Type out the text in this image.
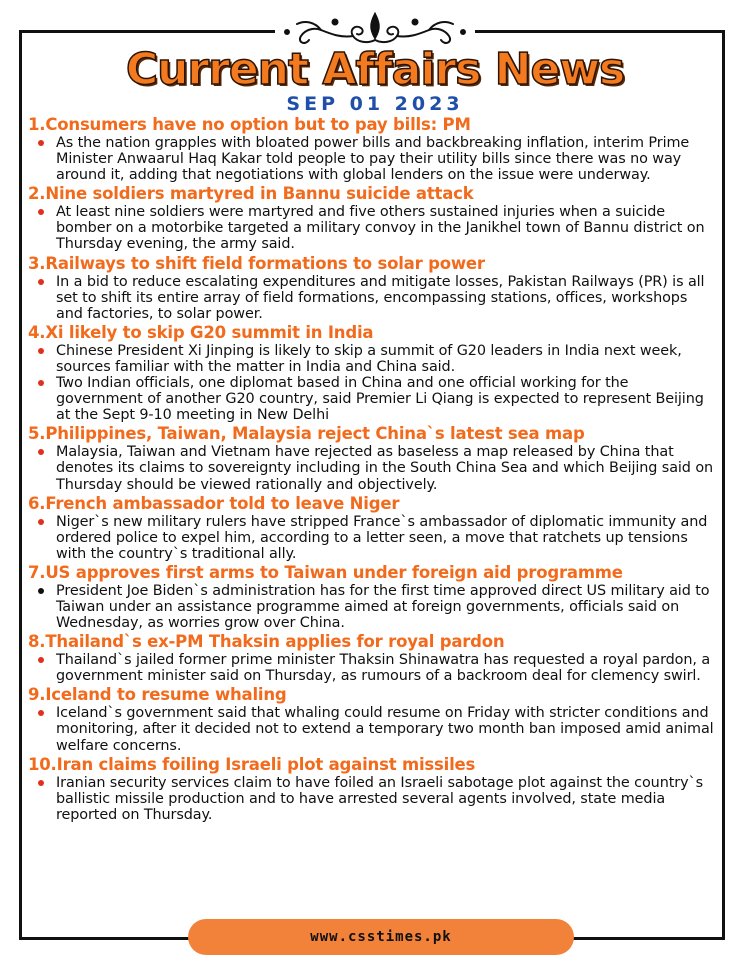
Current Affairs News
SEP 01 2023
1.Consumers have no option but to pay bills: PM
As the nation grapples with bloated power bills and backbreaking inflation, interim Prime Minister Anwaarul Haq Kakar told people to pay their utility bills since there was no way around it, adding that negotiations with global lenders on the issue were underway.
2.Nine soldiers martyred in Bannu suicide attack
At least nine soldiers were martyred and five others sustained injuries when a suicide bomber on a motorbike targeted a military convoy in the Janikhel town of Bannu district on Thursday evening, the army said.
3.Railways to shift field formations to solar power
In a bid to reduce escalating expenditures and mitigate losses, Pakistan Railways (PR) is all set to shift its entire array of field formations, encompassing stations, offices, workshops and factories, to solar power.
4.Xi likely to skip G20 summit in India
Chinese President Xi Jinping is likely to skip a summit of G20 leaders in India next week, sources familiar with the matter in India and China said.
Two Indian officials, one diplomat based in China and one official working for the government of another G20 country, said Premier Li Qiang is expected to represent Beijing at the Sept 9-10 meeting in New Delhi
5.Philippines, Taiwan, Malaysia reject China`s latest sea map
Malaysia, Taiwan and Vietnam have rejected as baseless a map released by China that denotes its claims to sovereignty including in the South China Sea and which Beijing said on Thursday should be viewed rationally and objectively.
6.French ambassador told to leave Niger
Niger`s new military rulers have stripped France`s ambassador of diplomatic immunity and ordered police to expel him, according to a letter seen, a move that ratchets up tensions with the country`s traditional ally.
7.US approves first arms to Taiwan under foreign aid programme
President Joe Biden`s administration has for the first time approved direct US military aid to Taiwan under an assistance programme aimed at foreign governments, officials said on Wednesday, as worries grow over China.
8.Thailand`s ex-PM Thaksin applies for royal pardon
Thailand`s jailed former prime minister Thaksin Shinawatra has requested a royal pardon, a government minister said on Thursday, as rumours of a backroom deal for clemency swirl.
9.Iceland to resume whaling
Iceland`s government said that whaling could resume on Friday with stricter conditions and monitoring, after it decided not to extend a temporary two month ban imposed amid animal welfare concerns.
10.Iran claims foiling Israeli plot against missiles
Iranian security services claim to have foiled an Israeli sabotage plot against the country`s ballistic missile production and to have arrested several agents involved, state media reported on Thursday.
www.csstimes.pk
